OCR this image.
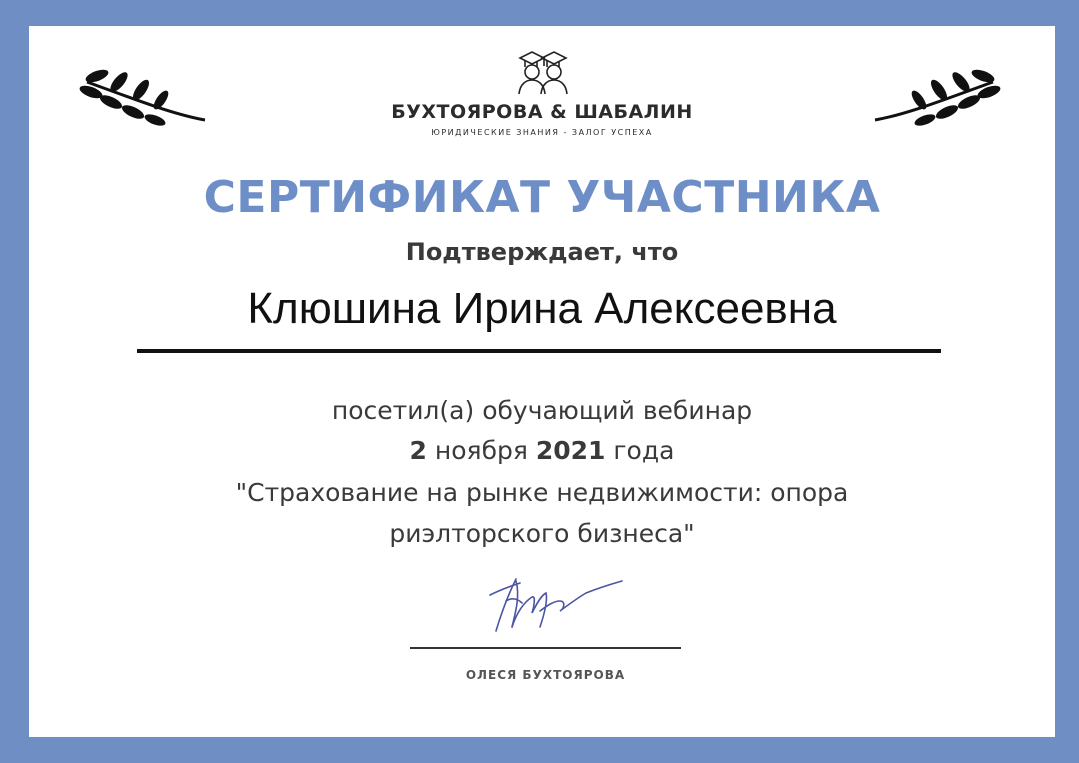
БУХТОЯРОВА & ШАБАЛИН
ЮРИДИЧЕСКИЕ ЗНАНИЯ - ЗАЛОГ УСПЕХА
СЕРТИФИКАТ УЧАСТНИКА
Подтверждает, что
Клюшина Ирина Алексеевна
посетил(а) обучающий вебинар
2 ноября 2021 года
"Страхование на рынке недвижимости: опора
риэлторского бизнеса"
ОЛЕСЯ БУХТОЯРОВА
